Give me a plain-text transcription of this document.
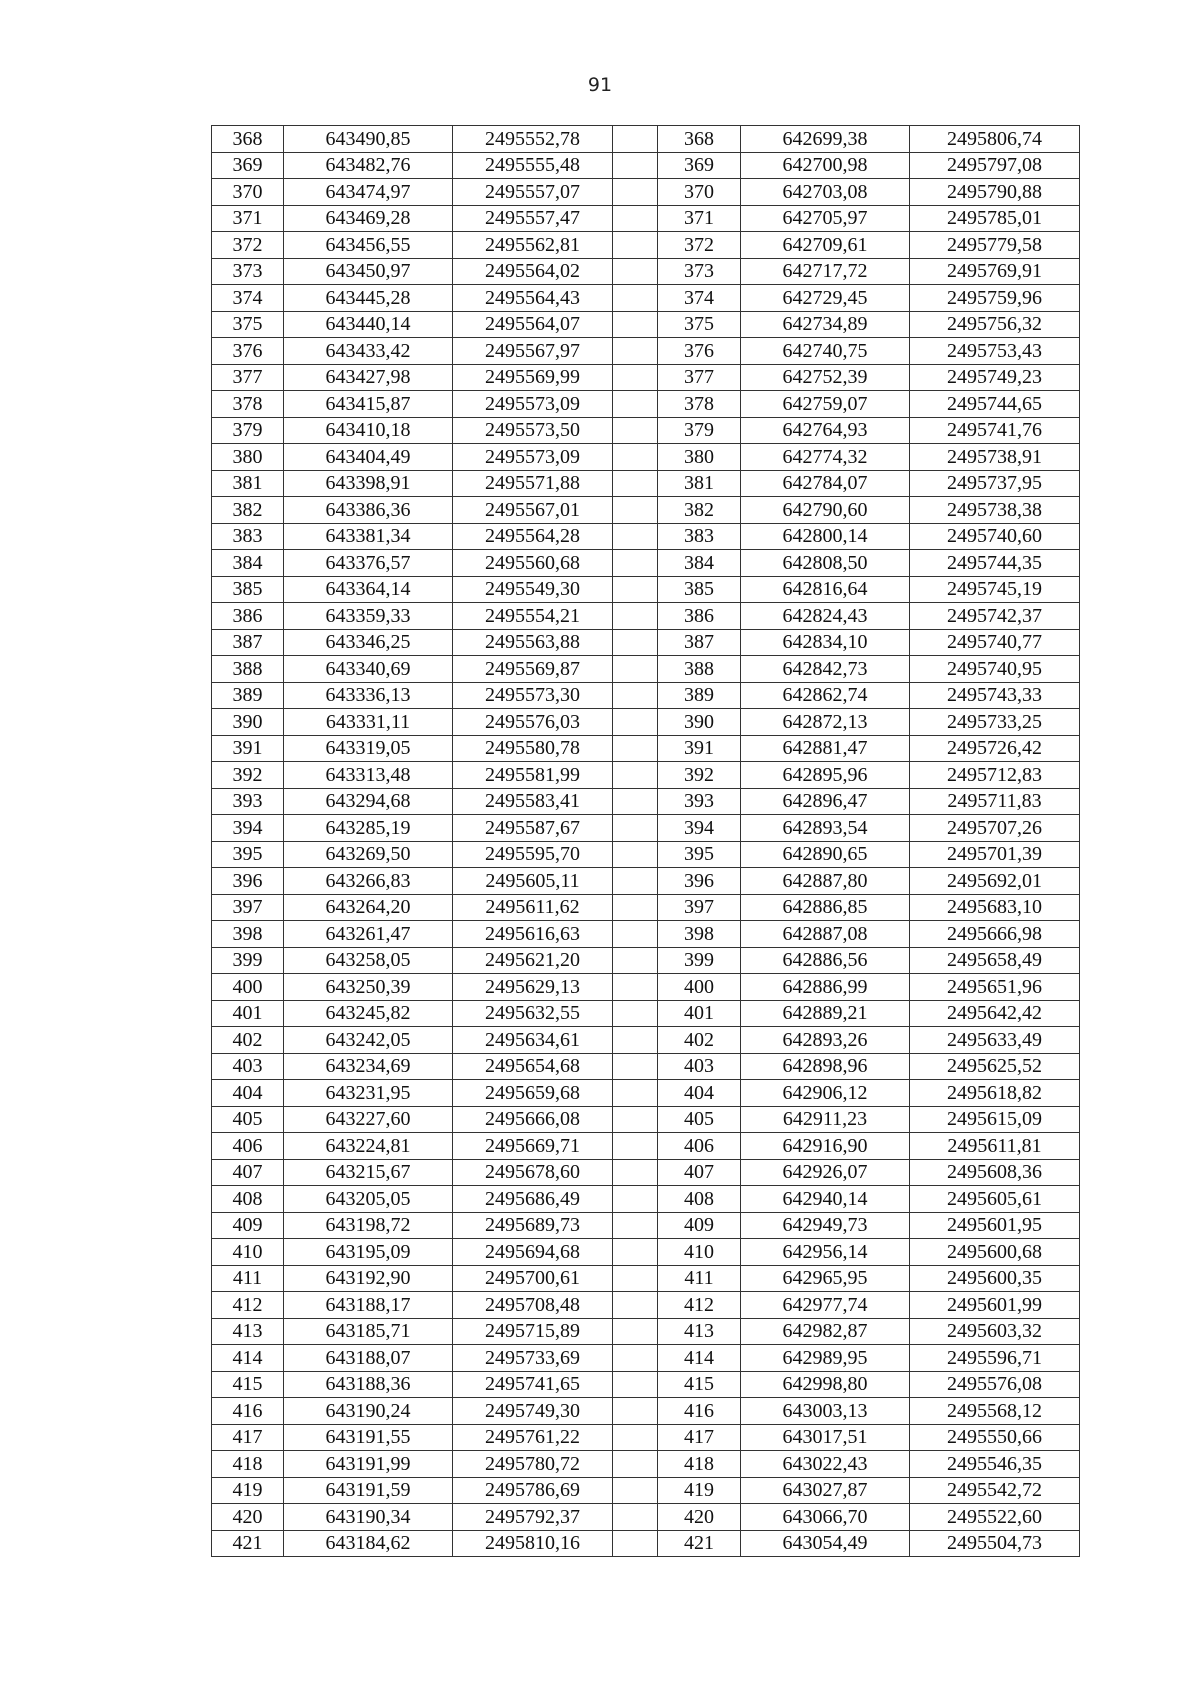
91
368	643490,85	2495552,78		368	642699,38	2495806,74
369	643482,76	2495555,48		369	642700,98	2495797,08
370	643474,97	2495557,07		370	642703,08	2495790,88
371	643469,28	2495557,47		371	642705,97	2495785,01
372	643456,55	2495562,81		372	642709,61	2495779,58
373	643450,97	2495564,02		373	642717,72	2495769,91
374	643445,28	2495564,43		374	642729,45	2495759,96
375	643440,14	2495564,07		375	642734,89	2495756,32
376	643433,42	2495567,97		376	642740,75	2495753,43
377	643427,98	2495569,99		377	642752,39	2495749,23
378	643415,87	2495573,09		378	642759,07	2495744,65
379	643410,18	2495573,50		379	642764,93	2495741,76
380	643404,49	2495573,09		380	642774,32	2495738,91
381	643398,91	2495571,88		381	642784,07	2495737,95
382	643386,36	2495567,01		382	642790,60	2495738,38
383	643381,34	2495564,28		383	642800,14	2495740,60
384	643376,57	2495560,68		384	642808,50	2495744,35
385	643364,14	2495549,30		385	642816,64	2495745,19
386	643359,33	2495554,21		386	642824,43	2495742,37
387	643346,25	2495563,88		387	642834,10	2495740,77
388	643340,69	2495569,87		388	642842,73	2495740,95
389	643336,13	2495573,30		389	642862,74	2495743,33
390	643331,11	2495576,03		390	642872,13	2495733,25
391	643319,05	2495580,78		391	642881,47	2495726,42
392	643313,48	2495581,99		392	642895,96	2495712,83
393	643294,68	2495583,41		393	642896,47	2495711,83
394	643285,19	2495587,67		394	642893,54	2495707,26
395	643269,50	2495595,70		395	642890,65	2495701,39
396	643266,83	2495605,11		396	642887,80	2495692,01
397	643264,20	2495611,62		397	642886,85	2495683,10
398	643261,47	2495616,63		398	642887,08	2495666,98
399	643258,05	2495621,20		399	642886,56	2495658,49
400	643250,39	2495629,13		400	642886,99	2495651,96
401	643245,82	2495632,55		401	642889,21	2495642,42
402	643242,05	2495634,61		402	642893,26	2495633,49
403	643234,69	2495654,68		403	642898,96	2495625,52
404	643231,95	2495659,68		404	642906,12	2495618,82
405	643227,60	2495666,08		405	642911,23	2495615,09
406	643224,81	2495669,71		406	642916,90	2495611,81
407	643215,67	2495678,60		407	642926,07	2495608,36
408	643205,05	2495686,49		408	642940,14	2495605,61
409	643198,72	2495689,73		409	642949,73	2495601,95
410	643195,09	2495694,68		410	642956,14	2495600,68
411	643192,90	2495700,61		411	642965,95	2495600,35
412	643188,17	2495708,48		412	642977,74	2495601,99
413	643185,71	2495715,89		413	642982,87	2495603,32
414	643188,07	2495733,69		414	642989,95	2495596,71
415	643188,36	2495741,65		415	642998,80	2495576,08
416	643190,24	2495749,30		416	643003,13	2495568,12
417	643191,55	2495761,22		417	643017,51	2495550,66
418	643191,99	2495780,72		418	643022,43	2495546,35
419	643191,59	2495786,69		419	643027,87	2495542,72
420	643190,34	2495792,37		420	643066,70	2495522,60
421	643184,62	2495810,16		421	643054,49	2495504,73
